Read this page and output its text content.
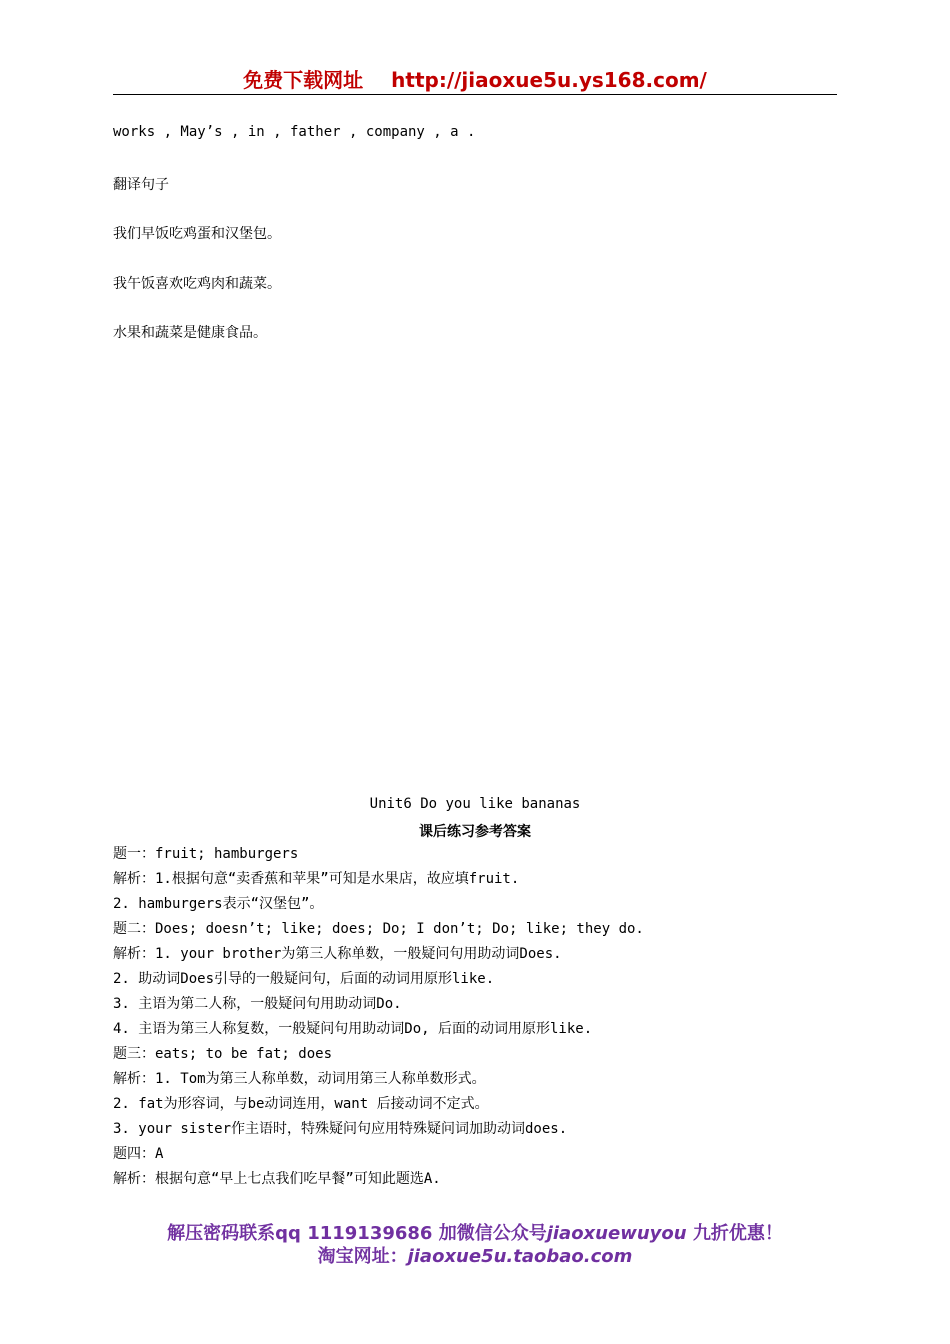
免费下载网址 http://jiaoxue5u.ys168.com/
works , May’s , in , father , company , a .
翻译句子
我们早饭吃鸡蛋和汉堡包。
我午饭喜欢吃鸡肉和蔬菜。
水果和蔬菜是健康食品。
Unit6 Do you like bananas
课后练习参考答案
题一：fruit; hamburgers
解析：1.根据句意“卖香蕉和苹果”可知是水果店，故应填fruit.
2. hamburgers表示“汉堡包”。
题二：Does; doesn’t; like; does; Do; I don’t; Do; like; they do.
解析：1. your brother为第三人称单数，一般疑问句用助动词Does.
2. 助动词Does引导的一般疑问句，后面的动词用原形like.
3. 主语为第二人称，一般疑问句用助动词Do.
4. 主语为第三人称复数，一般疑问句用助动词Do, 后面的动词用原形like.
题三：eats; to be fat; does
解析：1. Tom为第三人称单数，动词用第三人称单数形式。
2. fat为形容词，与be动词连用，want 后接动词不定式。
3. your sister作主语时，特殊疑问句应用特殊疑问词加助动词does.
题四：A
解析：根据句意“早上七点我们吃早餐”可知此题选A.
解压密码联系qq 1119139686 加微信公众号jiaoxuewuyou 九折优惠！
淘宝网址：jiaoxue5u.taobao.com
